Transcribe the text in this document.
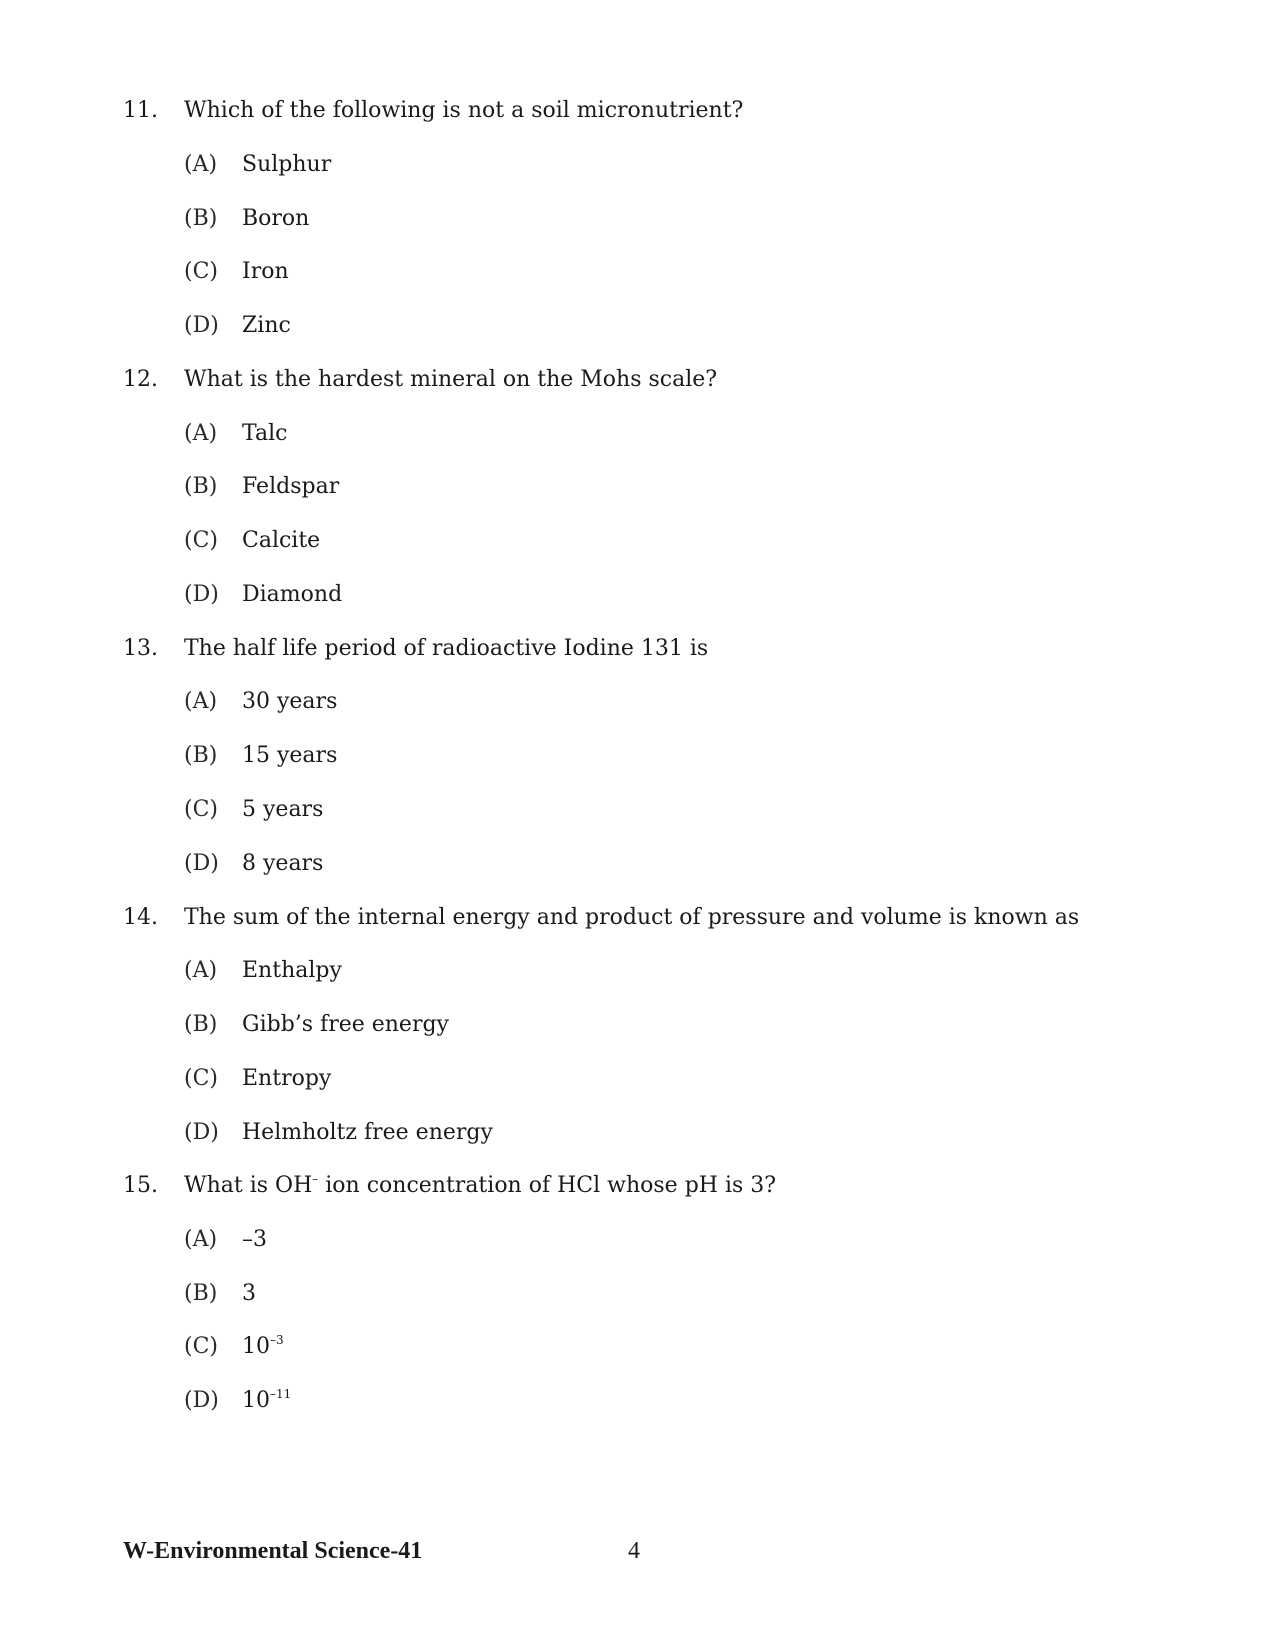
11. Which of the following is not a soil micronutrient?
(A) Sulphur
(B) Boron
(C) Iron
(D) Zinc
12. What is the hardest mineral on the Mohs scale?
(A) Talc
(B) Feldspar
(C) Calcite
(D) Diamond
13. The half life period of radioactive Iodine 131 is
(A) 30 years
(B) 15 years
(C) 5 years
(D) 8 years
14. The sum of the internal energy and product of pressure and volume is known as
(A) Enthalpy
(B) Gibb’s free energy
(C) Entropy
(D) Helmholtz free energy
15. What is OH– ion concentration of HCl whose pH is 3?
(A) –3
(B) 3
(C) $10^{-3}$
(D) $10^{-11}$
W-Environmental Science-41	4
